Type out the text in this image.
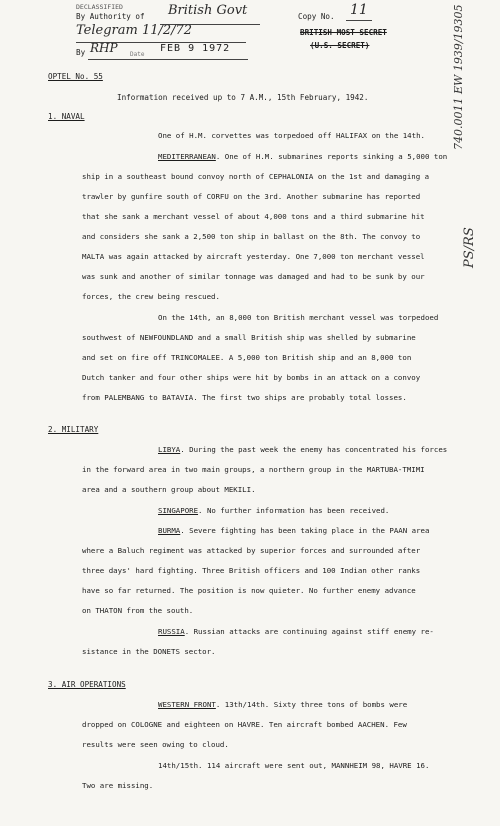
DECLASSIFIED
By Authority of British Govt
Telegram 11/2/72
By RHP Date
FEB 9 1972
Copy No. 11
BRITISH MOST SECRET
(U.S. SECRET)	740.0011 EW 1939/19305
PS/RS
OPTEL No. 55
Information received up to 7 A.M., 15th February, 1942.
1. NAVAL
One of H.M. corvettes was torpedoed off HALIFAX on the 14th.
MEDITERRANEAN. One of H.M. submarines reports sinking a 5,000 ton
ship in a southeast bound convoy north of CEPHALONIA on the 1st and damaging a
trawler by gunfire south of CORFU on the 3rd. Another submarine has reported
that she sank a merchant vessel of about 4,000 tons and a third submarine hit
and considers she sank a 2,500 ton ship in ballast on the 8th. The convoy to
MALTA was again attacked by aircraft yesterday. One 7,000 ton merchant vessel
was sunk and another of similar tonnage was damaged and had to be sunk by our
forces, the crew being rescued.
On the 14th, an 8,000 ton British merchant vessel was torpedoed
southwest of NEWFOUNDLAND and a small British ship was shelled by submarine
and set on fire off TRINCOMALEE. A 5,000 ton British ship and an 8,000 ton
Dutch tanker and four other ships were hit by bombs in an attack on a convoy
from PALEMBANG to BATAVIA. The first two ships are probably total losses.
2. MILITARY
LIBYA. During the past week the enemy has concentrated his forces
in the forward area in two main groups, a northern group in the MARTUBA-TMIMI
area and a southern group about MEKILI.
SINGAPORE. No further information has been received.
BURMA. Severe fighting has been taking place in the PAAN area
where a Baluch regiment was attacked by superior forces and surrounded after
three days' hard fighting. Three British officers and 100 Indian other ranks
have so far returned. The position is now quieter. No further enemy advance
on THATON from the south.
RUSSIA. Russian attacks are continuing against stiff enemy re-
sistance in the DONETS sector.
3. AIR OPERATIONS
WESTERN FRONT. 13th/14th. Sixty three tons of bombs were
dropped on COLOGNE and eighteen on HAVRE. Ten aircraft bombed AACHEN. Few
results were seen owing to cloud.
14th/15th. 114 aircraft were sent out, MANNHEIM 98, HAVRE 16.
Two are missing.
